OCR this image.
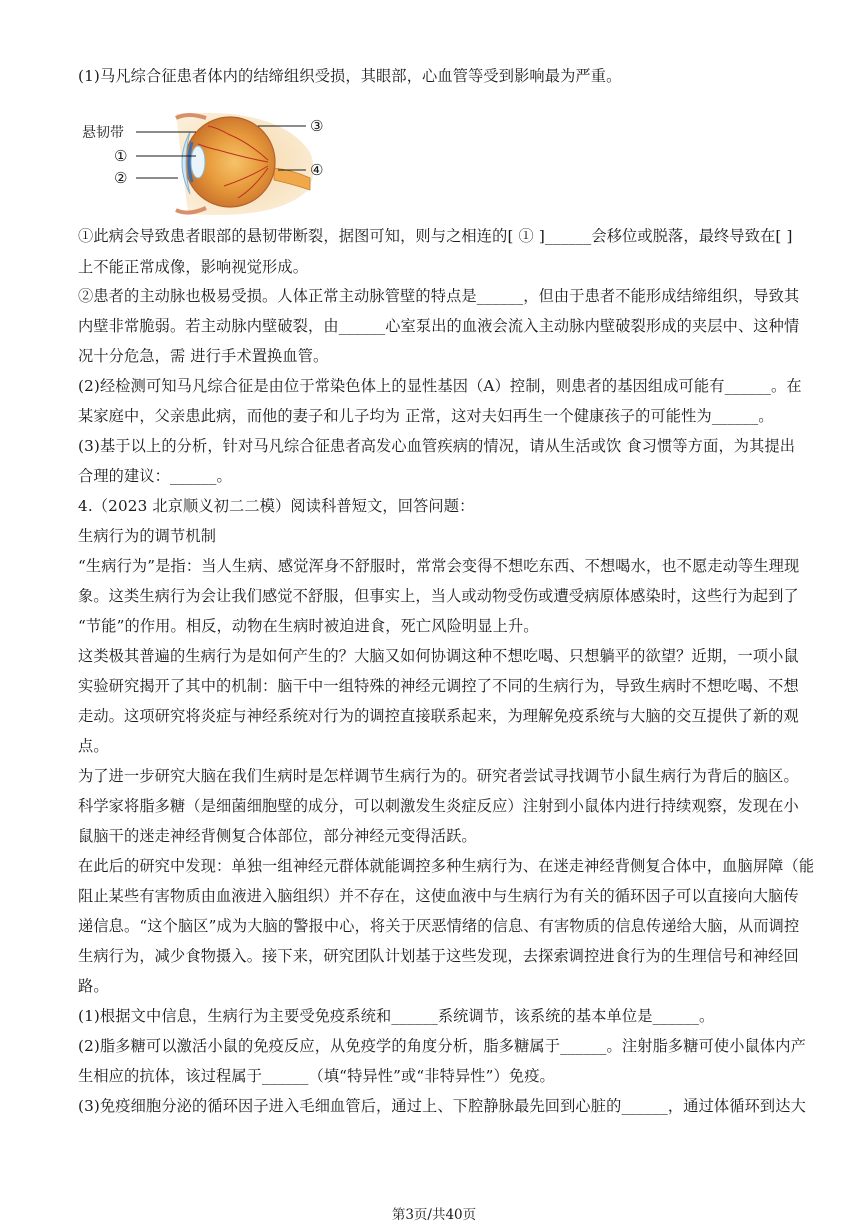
(1)马凡综合征患者体内的结缔组织受损，其眼部，心血管等受到影响最为严重。
悬韧带
①
②
③
④
①此病会导致患者眼部的悬韧带断裂，据图可知，则与之相连的[ ① ]______会移位或脱落，最终导致在[ ]
上不能正常成像，影响视觉形成。
②患者的主动脉也极易受损。人体正常主动脉管壁的特点是______，但由于患者不能形成结缔组织，导致其
内壁非常脆弱。若主动脉内壁破裂，由______心室泵出的血液会流入主动脉内壁破裂形成的夹层中、这种情
况十分危急，需 进行手术置换血管。
(2)经检测可知马凡综合征是由位于常染色体上的显性基因（A）控制，则患者的基因组成可能有______。在
某家庭中，父亲患此病，而他的妻子和儿子均为 正常，这对夫妇再生一个健康孩子的可能性为______。
(3)基于以上的分析，针对马凡综合征患者高发心血管疾病的情况，请从生活或饮 食习惯等方面，为其提出
合理的建议：______。
4.（2023 北京顺义初二二模）阅读科普短文，回答问题：
生病行为的调节机制
“生病行为”是指：当人生病、感觉浑身不舒服时，常常会变得不想吃东西、不想喝水，也不愿走动等生理现
象。这类生病行为会让我们感觉不舒服，但事实上，当人或动物受伤或遭受病原体感染时，这些行为起到了
“节能”的作用。相反，动物在生病时被迫进食，死亡风险明显上升。
这类极其普遍的生病行为是如何产生的？大脑又如何协调这种不想吃喝、只想躺平的欲望？近期，一项小鼠
实验研究揭开了其中的机制：脑干中一组特殊的神经元调控了不同的生病行为，导致生病时不想吃喝、不想
走动。这项研究将炎症与神经系统对行为的调控直接联系起来，为理解免疫系统与大脑的交互提供了新的观
点。
为了进一步研究大脑在我们生病时是怎样调节生病行为的。研究者尝试寻找调节小鼠生病行为背后的脑区。
科学家将脂多糖（是细菌细胞壁的成分，可以刺激发生炎症反应）注射到小鼠体内进行持续观察，发现在小
鼠脑干的迷走神经背侧复合体部位，部分神经元变得活跃。
在此后的研究中发现：单独一组神经元群体就能调控多种生病行为、在迷走神经背侧复合体中，血脑屏障（能
阻止某些有害物质由血液进入脑组织）并不存在，这使血液中与生病行为有关的循环因子可以直接向大脑传
递信息。“这个脑区”成为大脑的警报中心，将关于厌恶情绪的信息、有害物质的信息传递给大脑，从而调控
生病行为，减少食物摄入。接下来，研究团队计划基于这些发现，去探索调控进食行为的生理信号和神经回
路。
(1)根据文中信息，生病行为主要受免疫系统和______系统调节，该系统的基本单位是______。
(2)脂多糖可以激活小鼠的免疫反应，从免疫学的角度分析，脂多糖属于______。注射脂多糖可使小鼠体内产
生相应的抗体，该过程属于______（填“特异性”或“非特异性”）免疫。
(3)免疫细胞分泌的循环因子进入毛细血管后，通过上、下腔静脉最先回到心脏的______，通过体循环到达大
第3页/共40页
